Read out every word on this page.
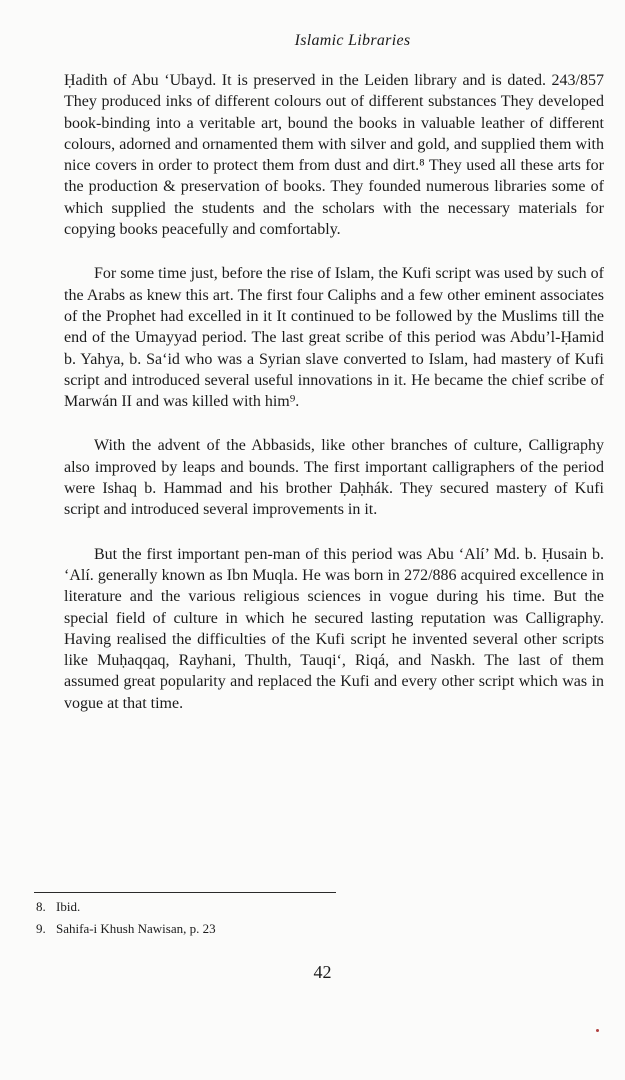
Islamic Libraries

Ḥadith of Abu ‘Ubayd. It is preserved in the Leiden library and is dated. 243/857 They produced inks of different colours out of different substances They developed book-binding into a veritable art, bound the books in valuable leather of different colours, adorned and ornamented them with silver and gold, and supplied them with nice covers in order to protect them from dust and dirt.⁸ They used all these arts for the production & preservation of books. They founded numerous libraries some of which supplied the students and the scholars with the necessary materials for copying books peacefully and comfortably.

For some time just, before the rise of Islam, the Kufi script was used by such of the Arabs as knew this art. The first four Caliphs and a few other eminent associates of the Prophet had excelled in it It continued to be followed by the Muslims till the end of the Umayyad period. The last great scribe of this period was Abdu’l-Ḥamid b. Yahya, b. Sa‘id who was a Syrian slave converted to Islam, had mastery of Kufi script and introduced several useful innovations in it. He became the chief scribe of Marwán II and was killed with him⁹.

With the advent of the Abbasids, like other branches of culture, Calligraphy also improved by leaps and bounds. The first important calligraphers of the period were Ishaq b. Hammad and his brother Ḍaḥhák. They secured mastery of Kufi script and introduced several improvements in it.

But the first important pen-man of this period was Abu ‘Alí’ Md. b. Ḥusain b. ‘Alí. generally known as Ibn Muqla. He was born in 272/886 acquired excellence in literature and the various religious sciences in vogue during his time. But the special field of culture in which he secured lasting reputation was Calligraphy. Having realised the difficulties of the Kufi script he invented several other scripts like Muḥaqqaq, Rayhani, Thulth, Tauqi‘, Riqá, and Naskh. The last of them assumed great popularity and replaced the Kufi and every other script which was in vogue at that time.

8. Ibid.
9. Sahifa-i Khush Nawisan, p. 23
42
